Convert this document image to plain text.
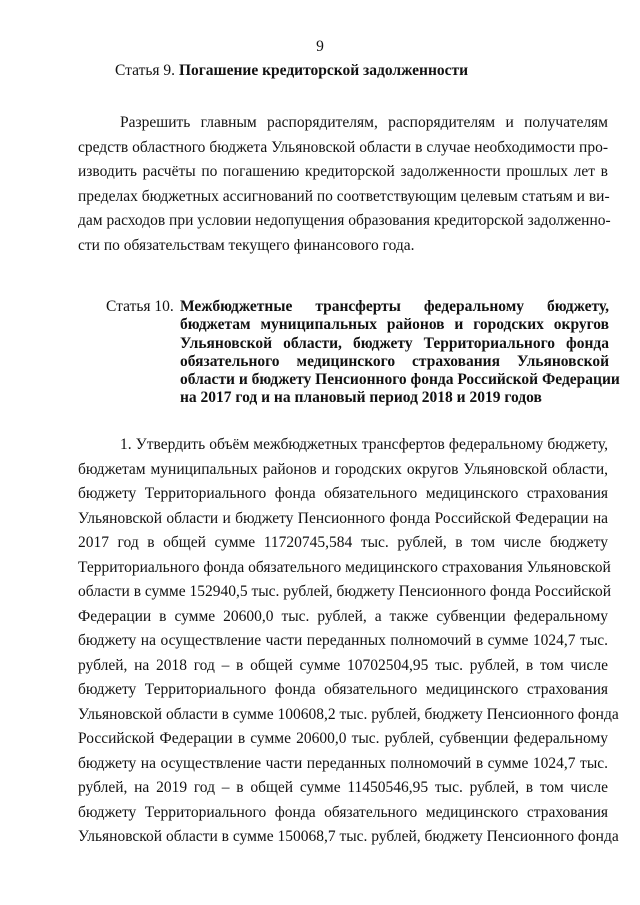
9
Статья 9. Погашение кредиторской задолженности
Разрешить главным распорядителям, распорядителям и получателям
средств областного бюджета Ульяновской области в случае необходимости про-
изводить расчёты по погашению кредиторской задолженности прошлых лет в
пределах бюджетных ассигнований по соответствующим целевым статьям и ви-
дам расходов при условии недопущения образования кредиторской задолженно-
сти по обязательствам текущего финансового года.
Статья 10. Межбюджетные трансферты федеральному бюджету,
бюджетам муниципальных районов и городских округов
Ульяновской области, бюджету Территориального фонда
обязательного медицинского страхования Ульяновской
области и бюджету Пенсионного фонда Российской Федерации
на 2017 год и на плановый период 2018 и 2019 годов
1. Утвердить объём межбюджетных трансфертов федеральному бюджету,
бюджетам муниципальных районов и городских округов Ульяновской области,
бюджету Территориального фонда обязательного медицинского страхования
Ульяновской области и бюджету Пенсионного фонда Российской Федерации на
2017 год в общей сумме 11720745,584 тыс. рублей, в том числе бюджету
Территориального фонда обязательного медицинского страхования Ульяновской
области в сумме 152940,5 тыс. рублей, бюджету Пенсионного фонда Российской
Федерации в сумме 20600,0 тыс. рублей, а также субвенции федеральному
бюджету на осуществление части переданных полномочий в сумме 1024,7 тыс.
рублей, на 2018 год – в общей сумме 10702504,95 тыс. рублей, в том числе
бюджету Территориального фонда обязательного медицинского страхования
Ульяновской области в сумме 100608,2 тыс. рублей, бюджету Пенсионного фонда
Российской Федерации в сумме 20600,0 тыс. рублей, субвенции федеральному
бюджету на осуществление части переданных полномочий в сумме 1024,7 тыс.
рублей, на 2019 год – в общей сумме 11450546,95 тыс. рублей, в том числе
бюджету Территориального фонда обязательного медицинского страхования
Ульяновской области в сумме 150068,7 тыс. рублей, бюджету Пенсионного фонда
